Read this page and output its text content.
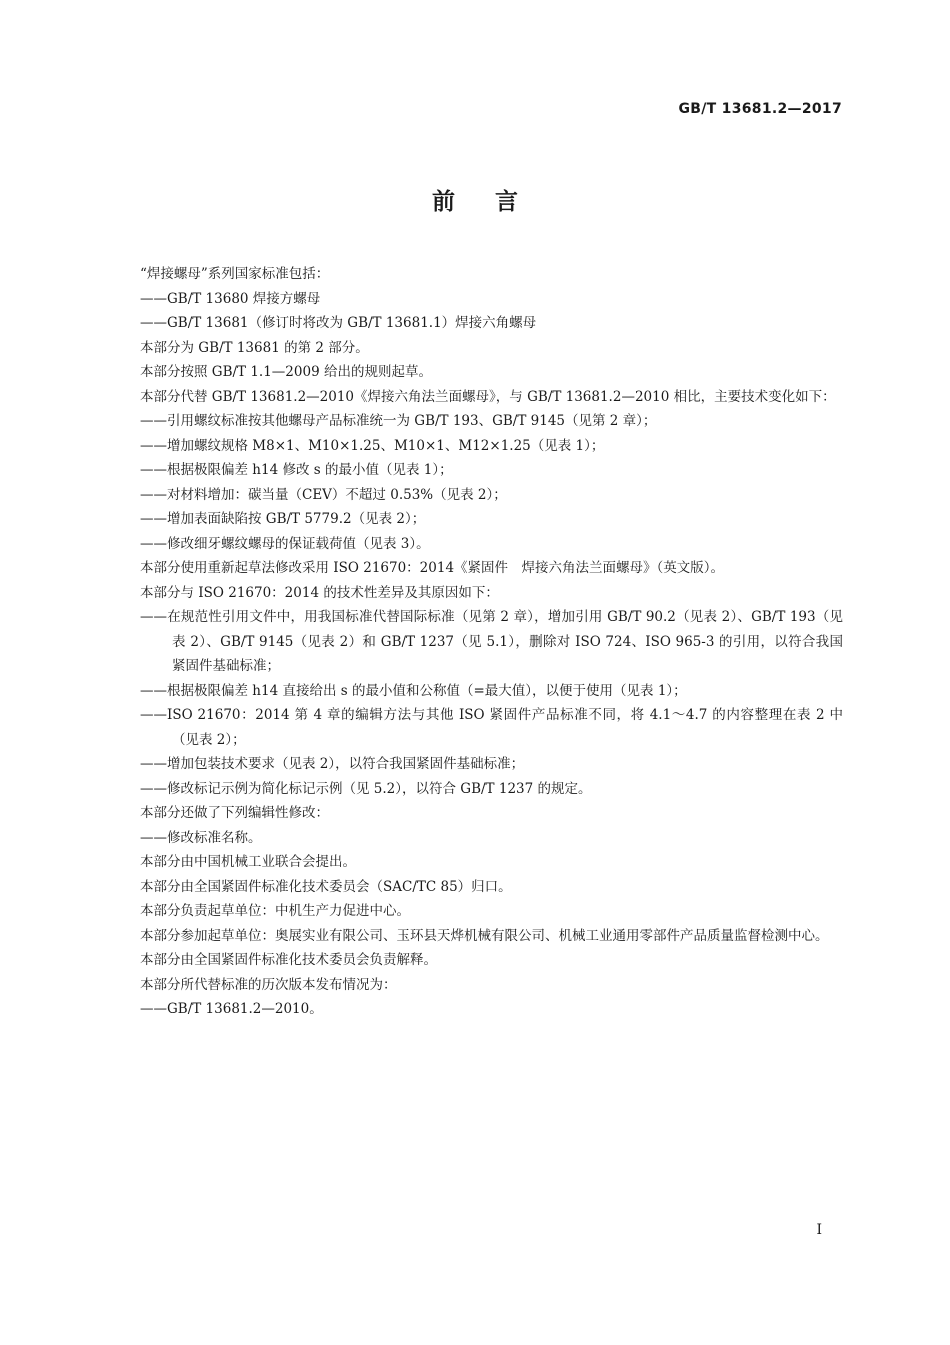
GB/T 13681.2—2017
前言

“焊接螺母”系列国家标准包括：

——GB/T 13680 焊接方螺母

——GB/T 13681（修订时将改为 GB/T 13681.1）焊接六角螺母

本部分为 GB/T 13681 的第 2 部分。

本部分按照 GB/T 1.1—2009 给出的规则起草。

本部分代替 GB/T 13681.2—2010《焊接六角法兰面螺母》，与 GB/T 13681.2—2010 相比，主要技术变化如下：

——引用螺纹标准按其他螺母产品标准统一为 GB/T 193、GB/T 9145（见第 2 章）；

——增加螺纹规格 M8×1、M10×1.25、M10×1、M12×1.25（见表 1）；

——根据极限偏差 h14 修改 s 的最小值（见表 1）；

——对材料增加：碳当量（CEV）不超过 0.53%（见表 2）；

——增加表面缺陷按 GB/T 5779.2（见表 2）；

——修改细牙螺纹螺母的保证载荷值（见表 3）。

本部分使用重新起草法修改采用 ISO 21670：2014《紧固件　焊接六角法兰面螺母》（英文版）。

本部分与 ISO 21670：2014 的技术性差异及其原因如下：

——在规范性引用文件中，用我国标准代替国际标准（见第 2 章），增加引用 GB/T 90.2（见表 2）、GB/T 193（见表 2）、GB/T 9145（见表 2）和 GB/T 1237（见 5.1），删除对 ISO 724、ISO 965-3 的引用，以符合我国紧固件基础标准；

——根据极限偏差 h14 直接给出 s 的最小值和公称值（=最大值），以便于使用（见表 1）；

——ISO 21670：2014 第 4 章的编辑方法与其他 ISO 紧固件产品标准不同，将 4.1～4.7 的内容整理在表 2 中（见表 2）；

——增加包装技术要求（见表 2），以符合我国紧固件基础标准；

——修改标记示例为简化标记示例（见 5.2），以符合 GB/T 1237 的规定。

本部分还做了下列编辑性修改：

——修改标准名称。

本部分由中国机械工业联合会提出。

本部分由全国紧固件标准化技术委员会（SAC/TC 85）归口。

本部分负责起草单位：中机生产力促进中心。

本部分参加起草单位：奥展实业有限公司、玉环县天烨机械有限公司、机械工业通用零部件产品质量监督检测中心。

本部分由全国紧固件标准化技术委员会负责解释。

本部分所代替标准的历次版本发布情况为：

——GB/T 13681.2—2010。

I
